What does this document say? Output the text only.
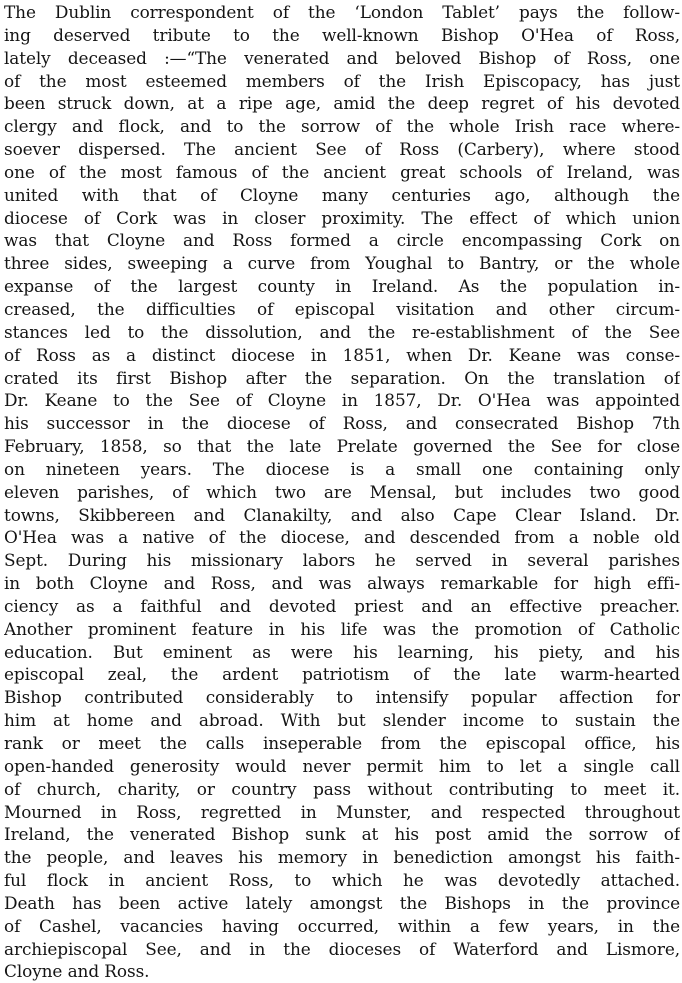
The Dublin correspondent of the ‘London Tablet’ pays the follow-
ing deserved tribute to the well-known Bishop O'Hea of Ross,
lately deceased :—“The venerated and beloved Bishop of Ross, one
of the most esteemed members of the Irish Episcopacy, has just
been struck down, at a ripe age, amid the deep regret of his devoted
clergy and flock, and to the sorrow of the whole Irish race where-
soever dispersed. The ancient See of Ross (Carbery), where stood
one of the most famous of the ancient great schools of Ireland, was
united with that of Cloyne many centuries ago, although the
diocese of Cork was in closer proximity. The effect of which union
was that Cloyne and Ross formed a circle encompassing Cork on
three sides, sweeping a curve from Youghal to Bantry, or the whole
expanse of the largest county in Ireland. As the population in-
creased, the difficulties of episcopal visitation and other circum-
stances led to the dissolution, and the re-establishment of the See
of Ross as a distinct diocese in 1851, when Dr. Keane was conse-
crated its first Bishop after the separation. On the translation of
Dr. Keane to the See of Cloyne in 1857, Dr. O'Hea was appointed
his successor in the diocese of Ross, and consecrated Bishop 7th
February, 1858, so that the late Prelate governed the See for close
on nineteen years. The diocese is a small one containing only
eleven parishes, of which two are Mensal, but includes two good
towns, Skibbereen and Clanakilty, and also Cape Clear Island. Dr.
O'Hea was a native of the diocese, and descended from a noble old
Sept. During his missionary labors he served in several parishes
in both Cloyne and Ross, and was always remarkable for high effi-
ciency as a faithful and devoted priest and an effective preacher.
Another prominent feature in his life was the promotion of Catholic
education. But eminent as were his learning, his piety, and his
episcopal zeal, the ardent patriotism of the late warm-hearted
Bishop contributed considerably to intensify popular affection for
him at home and abroad. With but slender income to sustain the
rank or meet the calls inseperable from the episcopal office, his
open-handed generosity would never permit him to let a single call
of church, charity, or country pass without contributing to meet it.
Mourned in Ross, regretted in Munster, and respected throughout
Ireland, the venerated Bishop sunk at his post amid the sorrow of
the people, and leaves his memory in benediction amongst his faith-
ful flock in ancient Ross, to which he was devotedly attached.
Death has been active lately amongst the Bishops in the province
of Cashel, vacancies having occurred, within a few years, in the
archiepiscopal See, and in the dioceses of Waterford and Lismore,
Cloyne and Ross.
